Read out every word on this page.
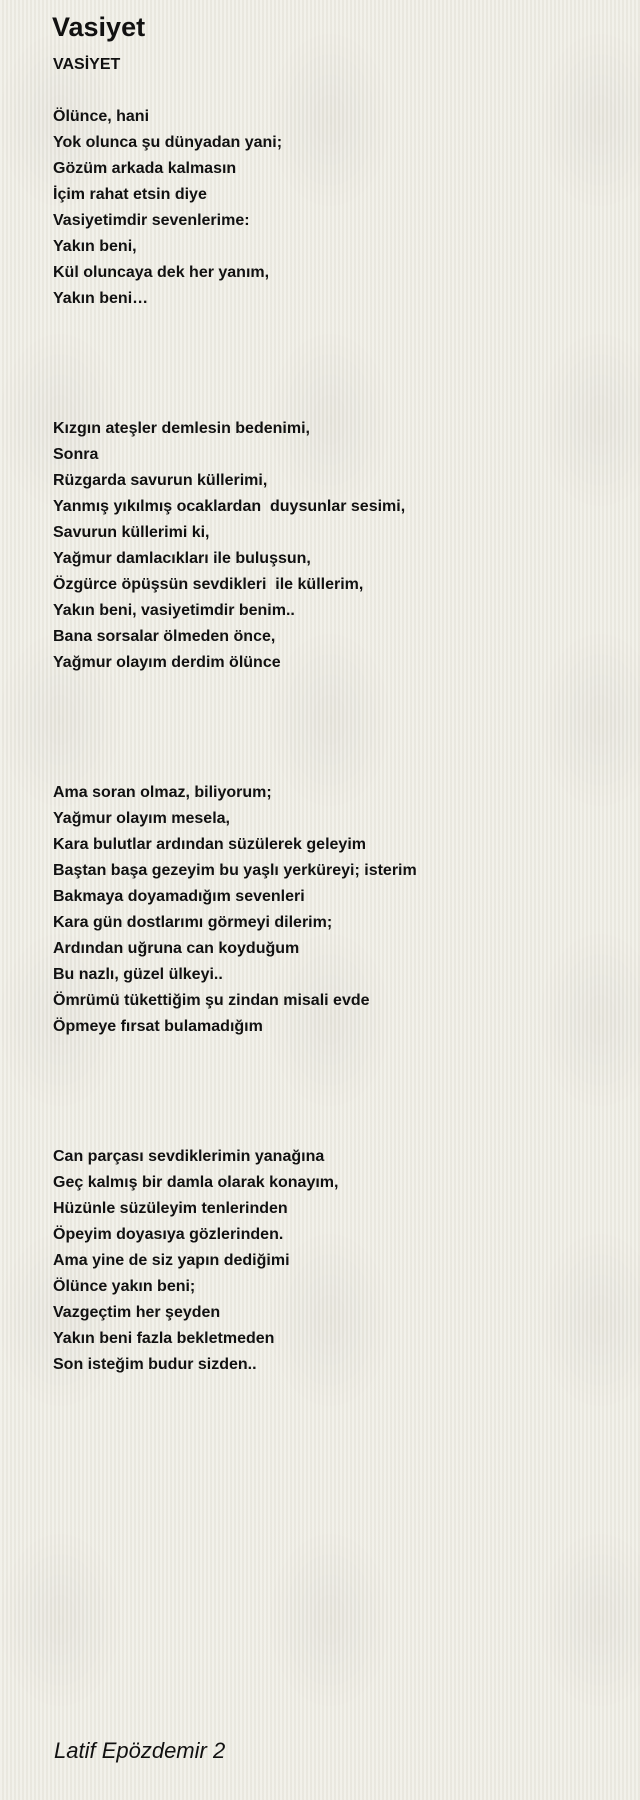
Vasiyet
VASİYET

Ölünce, hani
Yok olunca şu dünyadan yani;
Gözüm arkada kalmasın
İçim rahat etsin diye
Vasiyetimdir sevenlerime:
Yakın beni,
Kül oluncaya dek her yanım,
Yakın beni…

Kızgın ateşler demlesin bedenimi,
Sonra
Rüzgarda savurun küllerimi,
Yanmış yıkılmış ocaklardan  duysunlar sesimi,
Savurun küllerimi ki,
Yağmur damlacıkları ile buluşsun,
Özgürce öpüşsün sevdikleri  ile küllerim,
Yakın beni, vasiyetimdir benim..
Bana sorsalar ölmeden önce,
Yağmur olayım derdim ölünce

Ama soran olmaz, biliyorum;
Yağmur olayım mesela,
Kara bulutlar ardından süzülerek geleyim
Baştan başa gezeyim bu yaşlı yerküreyi; isterim
Bakmaya doyamadığım sevenleri
Kara gün dostlarımı görmeyi dilerim;
Ardından uğruna can koyduğum
Bu nazlı, güzel ülkeyi..
Ömrümü tükettiğim şu zindan misali evde
Öpmeye fırsat bulamadığım

Can parçası sevdiklerimin yanağına
Geç kalmış bir damla olarak konayım,
Hüzünle süzüleyim tenlerinden
Öpeyim doyasıya gözlerinden.
Ama yine de siz yapın dediğimi
Ölünce yakın beni;
Vazgeçtim her şeyden
Yakın beni fazla bekletmeden
Son isteğim budur sizden..
Latif Epözdemir 2
